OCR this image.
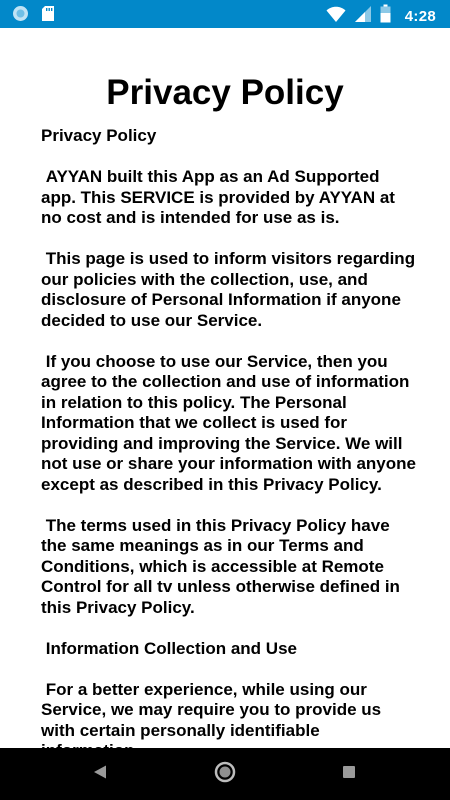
4:28
Privacy Policy

Privacy Policy

AYYAN built this App as an Ad Supported app. This SERVICE is provided by AYYAN at no cost and is intended for use as is.

This page is used to inform visitors regarding our policies with the collection, use, and disclosure of Personal Information if anyone decided to use our Service.

If you choose to use our Service, then you agree to the collection and use of information in relation to this policy. The Personal Information that we collect is used for providing and improving the Service. We will not use or share your information with anyone except as described in this Privacy Policy.

The terms used in this Privacy Policy have the same meanings as in our Terms and Conditions, which is accessible at Remote Control for all tv unless otherwise defined in this Privacy Policy.

Information Collection and Use

For a better experience, while using our Service, we may require you to provide us with certain personally identifiable
